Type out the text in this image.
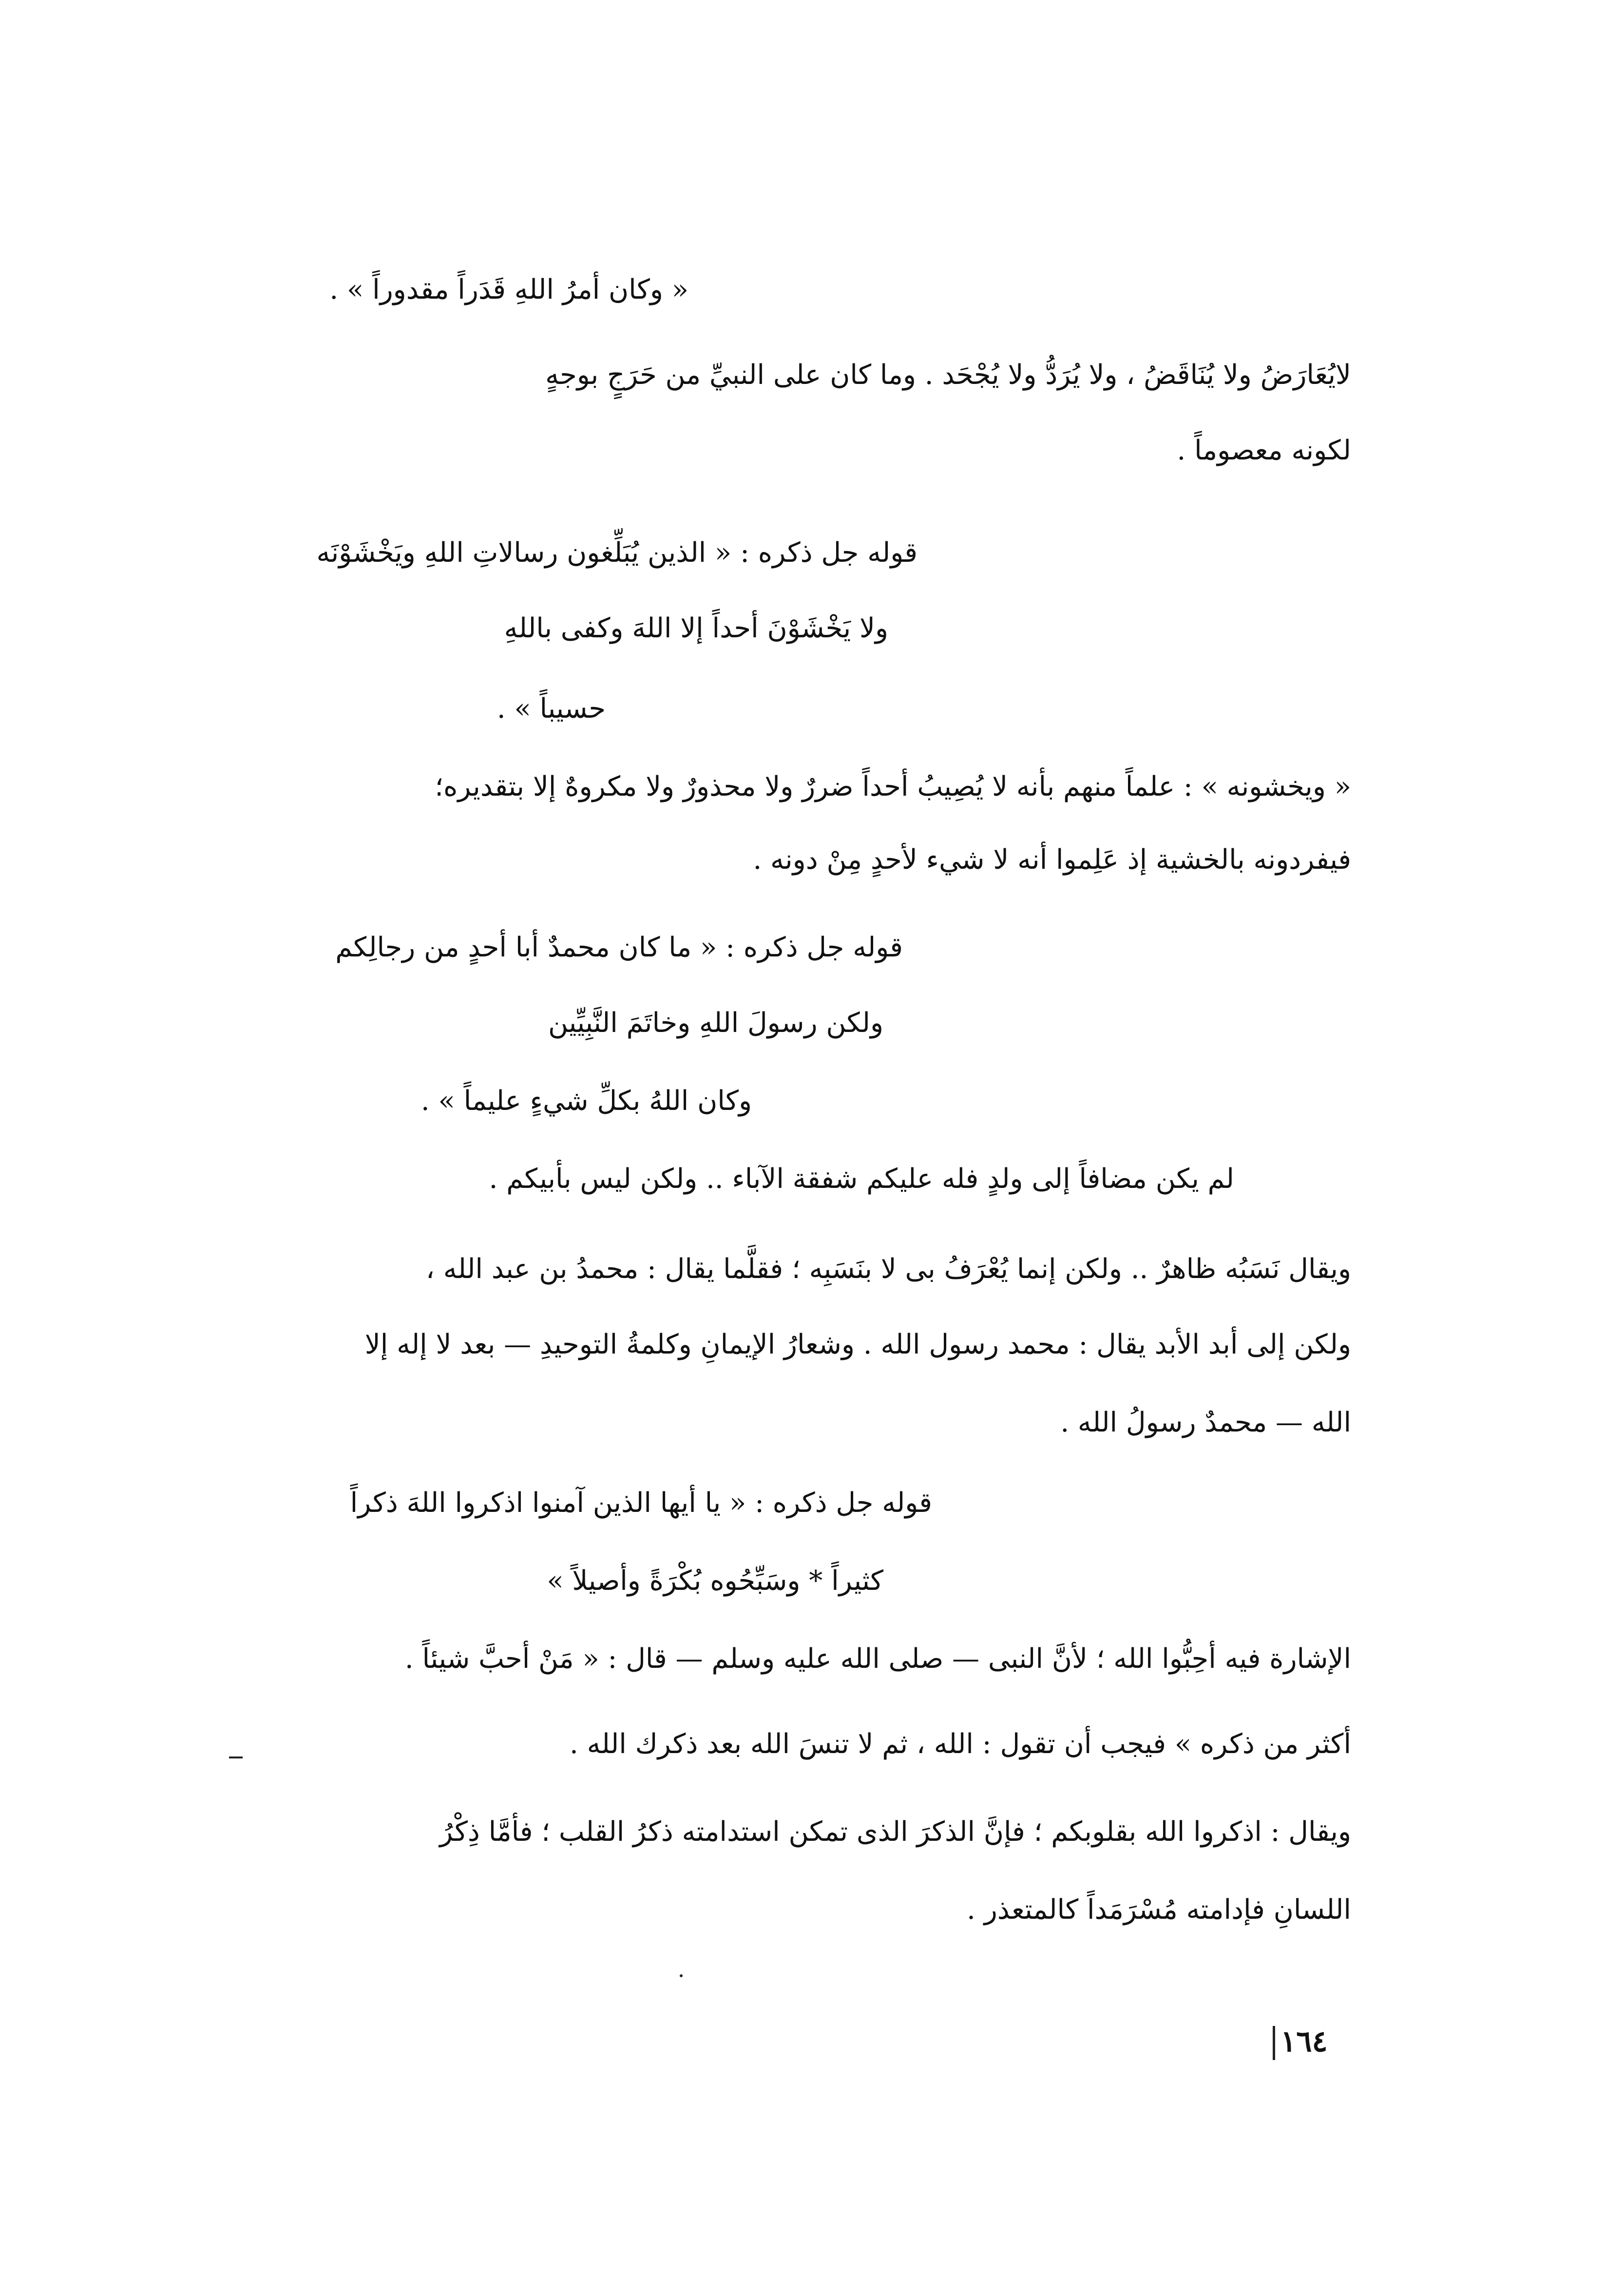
« وكان أمرُ اللهِ قَدَراً مقدوراً » .
لايُعَارَضُ ولا يُنَاقَضُ ، ولا يُرَدُّ ولا يُجْحَد . وما كان على النبيِّ من حَرَجٍ بوجهٍ
لكونه معصوماً .
قوله جل ذكره : « الذين يُبَلِّغون رسالاتِ اللهِ ويَخْشَوْنَه
ولا يَخْشَوْنَ أحداً إلا اللهَ وكفى باللهِ
حسيباً » .
« ويخشونه » : علماً منهم بأنه لا يُصِيبُ أحداً ضررٌ ولا محذورٌ ولا مكروهٌ إلا بتقديره؛
فيفردونه بالخشية إذ عَلِموا أنه لا شيء لأحدٍ مِنْ دونه .
قوله جل ذكره : « ما كان محمدٌ أبا أحدٍ من رجالِكم
ولكن رسولَ اللهِ وخاتَمَ النَّبِيِّين
وكان اللهُ بكلِّ شيءٍ عليماً » .
لم يكن مضافاً إلى ولدٍ فله عليكم شفقة الآباء .. ولكن ليس بأبيكم .
ويقال نَسَبُه ظاهرٌ .. ولكن إنما يُعْرَفُ بى لا بنَسَبِه ؛ فقلَّما يقال : محمدُ بن عبد الله ،
ولكن إلى أبد الأبد يقال : محمد رسول الله . وشعارُ الإيمانِ وكلمةُ التوحيدِ — بعد لا إله إلا
الله — محمدٌ رسولُ الله .
قوله جل ذكره : « يا أيها الذين آمنوا اذكروا اللهَ ذكراً
كثيراً * وسَبِّحُوه بُكْرَةً وأصيلاً »
الإشارة فيه أحِبُّوا الله ؛ لأنَّ النبى — صلى الله عليه وسلم — قال : « مَنْ أحبَّ شيئاً .
أكثر من ذكره » فيجب أن تقول : الله ، ثم لا تنسَ الله بعد ذكرك الله .
ويقال : اذكروا الله بقلوبكم ؛ فإنَّ الذكرَ الذى تمكن استدامته ذكرُ القلب ؛ فأمَّا ذِكْرُ
اللسانِ فإدامته مُسْرَمَداً كالمتعذر .
١٦٤
